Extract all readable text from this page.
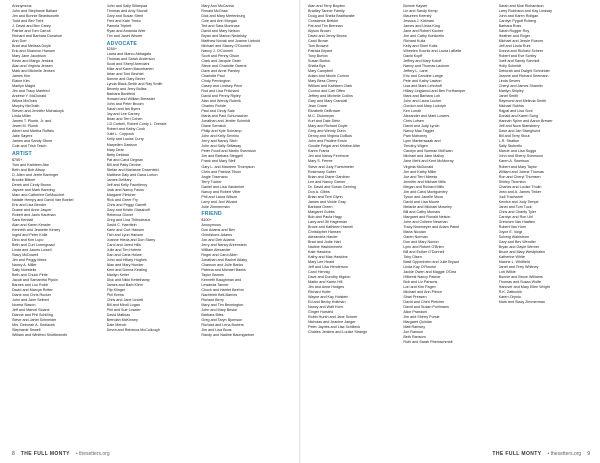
Anonymous
John and Stephanie Ballard
Jim and Bonnie Beardsworth
Todd and Bev Tiehl
J. David and Bev Carey
Patrice and Tom Carroll
Richard and Barbara Donahue
Ann Dorr
Brad and Melissa Doyle
Eric and Shannon Hansen
Mary Jane Jacobson
Kevin and Margo Jenkins
Alan and Virginia Jensen
Mark and Michelle Jensen
James Kim
Elaine Kim
Marilyn Magid
Jim and Tracy Manfred
Andrew Y. McDonald
Wilma McGraw
Murphy McGrath
Steven and Jennifer Michalczyk
Linda Miller
James T. Plumb, Jr. and
Jewel M. Plumb
Albert and Martha Ruffalo
Jake Sayers
James and Sandy Stone
Cole and Trish Tesch
ARTIST
$750+
Tom and Kathleen Abe
Beth and Bob Allsop
D. Allen and Jerrie Barringer
Brooke Bittner
Derek and Cindy Brown
Jaycee and Mark Banning
Marc and Catherine DeMouchet
Natalie Hempy and David Van Boekel
Eric and Lisa Bender
Duane and Anne Jasper
Robert and Janis Kaufman
Sara Kendall
Alan and Karen Kessler
Kenneth and Jeanette Kinsey
Ingrid and Peter Kollé
Dino and Kim Lupo
Beth and Curt Lorengraad
Linda and James Lowell
Stacy McDowell
Jim and Peggy Meek
Nancy A. Miller
Sally Noestelle
Beth and Chuck Pirtle
Jacob and Samantha Pipkin
Barnes and Lou Robb
David and Marcya Rotter
Diane and Chris Rucker
John and Jane Seibert
Norma Siason
Jeff and Marvel Sloane
Dianne and Phil Schilling
Steve and Janet Schneider
Mrs. Deborah A. Sedlacek
Stephanie Sewell
William and Winifred Shuttleworth
John and Sally Sillanpaa
Thomas and Amy Stovall
Gary and Susan Streit
Fred and Kate Timko
Pamela Triplett
Ryan and Amanda Weir
Tim and Janet Wisner
ADVOCATE
$250+
Laura and Marco Abbagato
Thomas and Sarah Anderson
Scott and Sheryl Arendahl
Mike and Karen Baumbarten
Arlan and Toni Bechtel
Bonnie and Gary Bever
Lynda Black-Smith and Ray Smith
Beverly and Jerry Bollas
Barbara Bonifield
Howard and William Brewster
John and Peter Broom
Sarah and Ian Byers
Jay and Lee Carney
Brian and Terri Cohen
J.D.Corbell, Robert Cordy L. Dressie
Robert and Kathy Cook
Julie L. Coppock
Kelly and Louise Curry
Maryellen Dawson
Mary Dear
Betty Debban
Pat and Carol Degnan
Bill and Patty Devine
Stefan and Marianne Dosenfeld
Matthew Daly and Dana Lorton
James DeMary
Jeff and Kelly Fauntleroy
Jack and Nancy Fauss
Margaret Fletcher
Rick and Greer Fry
Chris and Peggy Garrett
Gary and Kristin Glasshoff
Rebecca Glover
Greg and Lina Thibodeaux
David C. Haertlein
Karie and Curt Hansen
Tich and Lynn Hanson
Joanne Hieda and Don Starry
Carol and Jared Hills
Julie and Tim Hoferle
Dan and Carla Holwe
John and Hillary Hughes
Alan and Mary Hunder
Kent and Donna Keating
Marilyn Keller
Dick and Nikki Kettelhamp
James and Barb Klein
Flip Klinger
Phil Kreba
Chris and Jane Lindell
Bill and Mindi Logan
Phil and Sue Lowder
David Mathias
Brendan McKinney
Dale Mench
Devra and Rebecca McCullough
Mary Ann McCanna
Ronald McGraw
Dick and Mary Mertenburg
Cole and Ann Morgan
Ted and Sara Montrose
David and Mary Nelson
Bryan and Marion Nedelsky
Matthew Novak and Joanne Liebold
Michael and Stacey O'Donnell
Nancy J. O'Connell
Scott and Penny Olson
Clark and Jacquie Oster
Steve and Charlotte Owens
Dave and Anne Parsley
Charlotte Paul
Cindy Pennington
Casey and Lindsey Price
Rod and Lisa Pritchard
David and Penny Ripley
Alan and Wendy Rubnik
Charles Rohde
Paul and Cindy Sale
Maria and Paul Schumacher
Jonathan and Jenifer Schmidt
Diane Semsick
Philip and Kyle Schramp
John and Kelly Sevrino
Jerry and Nancy Sitch
John and Sally Stillaway
Peter Foodl and Martin Svensson
Jim and Barbara Steggell
Frank and Mary Stell
Gary L. and Maureen Thompson
Chris and Patricia Tilson
Angie Tosenano
Terry Tucker
Daniel and Lisa Vanderlee
Nancy and Robert Vitter
Phil and Laura Wilson
Larry and Joni Wizard
Julie Zimmerman
FRIEND
$100+
Anonymous
Don Adams and Bev
Grindstone-Adams
Jon and Deb Adams
Jerry and Nancy Ahrenstein
William Alexander
Roger and Carol Allen
Jonathan and Rachel Allaby
Chanson and Julie Banks
Patricia and Michael Banks
Taylor Barnes
Kenneth Baughman and
Lewanda Tanner
Chuck and Harriet Beehm
Nachtrieb Bell-Barnes
Richard Berry
Mary and Tim Bennington
John and Mary Beske
Barbara Biles
Greg and Taryn Bjornson
Richard and Lena Bowers
Jim and Lisa Boos
Randy and Nadine Baumgartner
8 THE FULL MONTY • thesetters.org
Alan and Terry Boyden
Bradley Tanner Family
Doug and Sheila Braithwaite
Constance Brekke
Pat and Tim Brennan
Alyson Brown
David and Jenny Brown
Carol Brown
Tom Browne
Patricia Bryant
Tony Burton
Susan Burton
Sheila Bys
Mary Campbell
Adam and Nicole Connor
Mary Bess Cherry
William and Kathleen Clark
Connor and Carl Offen
Jeffrey and Michelle Collins
Gary and Mary Crandall
Jean Crane
Elizabeth DeBrower
M.C. Dickmeyer
Kurt and Dale Dietz
Mary and Richard Doyle
Greg and Wendy Dunn
Denny and Virginia DuBois
John and Pauline Erwin
Goodie Felgar and Kristine Alter
Karen Frantz
Jim and Nancy Fenimore
Mary S. Ferree
Steve and Judy Fuersimeler
Rosemary Gaber
Brian and Diane Gardiner
Lee and Nancy Garner
Dr. David and Susan Gehring
Don A. Gibbs
Brian and Terri Glynn
James and Vickie Gray
Barbara Green
Margaret Gubbs
Bob and Paula Hagy
Larry and Jill Hagerman
Bruce and Kathleen Hamell
Christopher Hansen
Alexandria Harder
Brad and Jodie Hart
Nadine Hashimmerie
Kate Hawkins
Kathy and Max Hawkins
Mary Lee Heald
Jeff and Lisa Henderson
Carol Hennig
Dave and Dorothy Higdon
Martin and Karen Hill
Jim and Anne Hodges
Richard Hofer
Wayne and Kay Holstein
Ed and Becky Holtman
Nancy and Walt Horn
Ginger Hursted
Robin Hursh and Jane Scheer
Nicholas and Jeanine Jaeger
Peter Jaynes and Lisa Schilleck
Charles Jenkins and Louise Strange
Bonnie Kayser
Lin and Sandy Kemp
Maureen Keeney
Jessica J. Kirkham
James and Linda King
Jane and Robert Kocher
Jim and Cathy Konikrelis
Richard Kulla
Kelly and Sheri Kolts
Wheelen Koontz and Laura LaBelle
David Kopff
Jeffrey and Mary Kotoff
Nancy and Thomas Lackner
Jeffery L. Lane
Eric and Caroline Lange
Pete and Kathy Lawton
Lisa and Mark Lehnhoff
Hillary Lingwood and Ben Forthamper
Mark and Barbara Loh
John and Laura Lucher
Gordon and Mary Ludolph
Ken Lundh
Alexander and Mark Lowers
Chris Lufsen
David and Judy Lynch
Nancy Mac Tagget
Pam Mahoney
Lynn Mantenwaab and
Timothy Wigen
Carolyn and Norman McEwan
Michael and Jane Malloy
Jane Mehl and Kent McMurray
Virginia McDonald
Jim and Kathy Miller
Joe and Terri Mieeks
Jennifer and Michael Mills
Megan and Richard Mills
Jim and Carol Montgomery
Tyson and Janelle Moos
David and Lisa Moore
Melanie and Michael Moseley
Bill and Cathy Mumaw
Margaret and Ronald Nelson
John and Colleen Newman
Tracy Newmeyer and Adam Pabst
Marla Nicolan
Garen Norman
Don and Mary Norton
Lynn and Robert O'Brien
Bill and Esther O'Donnell
Toby Olsen
Basil Oppenheim and Julie Bryant
Linda Kay O'Rourke
Jackie Owen and Maggie O'Dea
Hillcrest Nancy Palmer
Bob and Liz Parsons
Lori and Kim Pagen
Michael and Ann Pierce
Shari Pressen
David and Cheri Pletcher
David and Susan Pohlmann
Alice Prandoni
Jim and Sherry Pursle
Margaret Quinlan
Matt Ramsey
Jon Ranson
Beth Ransom
Ruth and Sarah Rheinschmidt
Sarah and Moe Richardson
Larry Robinson and Kay Lindsay
John and Karen Rollgan
Carolyn Pygott Roberg
Barbara Ross
Sarah Rugger Roy
Heather and Roger
Michael and Jessie Rueum
Jeff and Linda Ruhl
Donna and Richard Scheer
Robert and Eve Schley
Joelt and Sandy Schmidt
Holly Schmidt
Deborah and Dwight Schneider
Jeanne and Richard Seemann
Linda Severs
Cheryl and James Shamlin
Marilyn Shipley
Janet Smith
Raymond and Melinda Smith
Michael Sokhia
Rajpal and Lisa Soni
Donald and Karen Song
Hannah Spinn and Aaron Brewer
Jeff and Nora Stansberry
Dave and Jan Stanghund
Bill and Terry Stout
L.R. Stratton
Sally Stubrello
Marcie and Lisa Suggs
John and Sherry Svensson
Karen A. Swenson
Robert and Mary Taylor
William and Jolene Thomas
Ron and Cheryl Thomsen
Shirley Thornton
Charles and Louise Thulin
Jean and A. James Tinker
Jodi Tracharne
Kendra and Judy Tempe
Janet and Tom Tuck
Chris and Charity Tyler
Carolyn and Ron Uhl
Gretchen Van Haaften
Robert Van Horn
Joyce E. Voigt
Solveig Wahlstrom
Gary and Bev Wendler
Bryan and Gayle Werner
Bruce and Mary Westphalen
Katherine White
Maxine L. Whitfield
Janet and Terry Whitney
Lori Wilkie
Bonnie and Bruce Williams
Thomas and Susan Wolfe
Hanover and Mary Ellen Wright
R.K. Zattuchik
Karen Zirpolo
Mark and Stacy Zimmerman
THE FULL MONTY • thesetters.org 9
